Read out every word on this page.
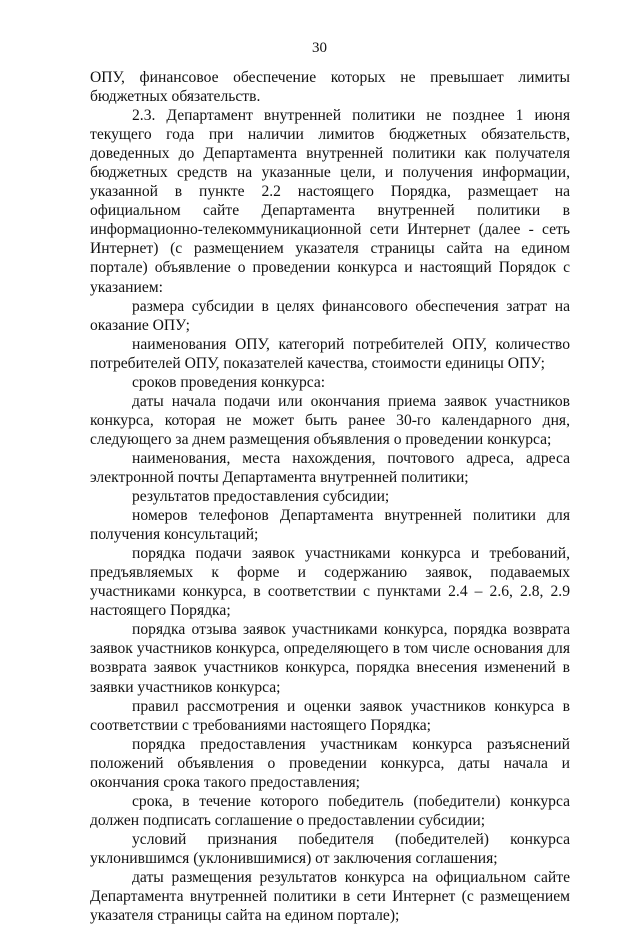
30

ОПУ, финансовое обеспечение которых не превышает лимиты бюджетных обязательств.

2.3. Департамент внутренней политики не позднее 1 июня текущего года при наличии лимитов бюджетных обязательств, доведенных до Департамента внутренней политики как получателя бюджетных средств на указанные цели, и получения информации, указанной в пункте 2.2 настоящего Порядка, размещает на официальном сайте Департамента внутренней политики в информационно-телекоммуникационной сети Интернет (далее - сеть Интернет) (с размещением указателя страницы сайта на едином портале) объявление о проведении конкурса и настоящий Порядок с указанием:

размера субсидии в целях финансового обеспечения затрат на оказание ОПУ;

наименования ОПУ, категорий потребителей ОПУ, количество потребителей ОПУ, показателей качества, стоимости единицы ОПУ;

сроков проведения конкурса:

даты начала подачи или окончания приема заявок участников конкурса, которая не может быть ранее 30-го календарного дня, следующего за днем размещения объявления о проведении конкурса;

наименования, места нахождения, почтового адреса, адреса электронной почты Департамента внутренней политики;

результатов предоставления субсидии;

номеров телефонов Департамента внутренней политики для получения консультаций;

порядка подачи заявок участниками конкурса и требований, предъявляемых к форме и содержанию заявок, подаваемых участниками конкурса, в соответствии с пунктами 2.4 – 2.6, 2.8, 2.9 настоящего Порядка;

порядка отзыва заявок участниками конкурса, порядка возврата заявок участников конкурса, определяющего в том числе основания для возврата заявок участников конкурса, порядка внесения изменений в заявки участников конкурса;

правил рассмотрения и оценки заявок участников конкурса в соответствии с требованиями настоящего Порядка;

порядка предоставления участникам конкурса разъяснений положений объявления о проведении конкурса, даты начала и окончания срока такого предоставления;

срока, в течение которого победитель (победители) конкурса должен подписать соглашение о предоставлении субсидии;

условий признания победителя (победителей) конкурса уклонившимся (уклонившимися) от заключения соглашения;

даты размещения результатов конкурса на официальном сайте Департамента внутренней политики в сети Интернет (с размещением указателя страницы сайта на едином портале);
